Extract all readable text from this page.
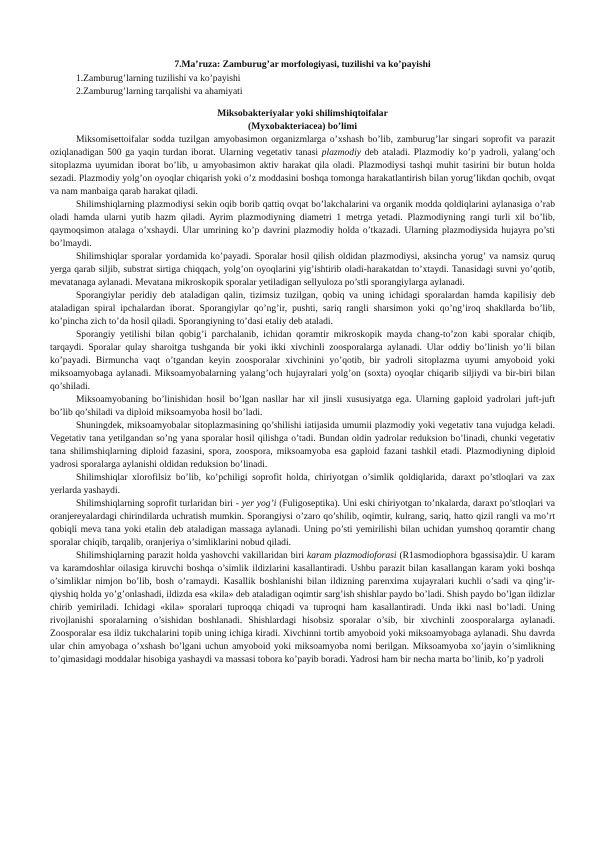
7.Ma’ruza: Zamburug’ar morfologiyasi, tuzilishi va ko’payishi
1.Zamburug’larning tuzilishi va ko’payishi
2.Zamburug’larning tarqalishi va ahamiyati
Miksobakteriyalar yoki shilimshiqtoifalar
(Myxobakteriacea) bo’limi

Miksomisettoifalar sodda tuzilgan amyobasimon organizmlarga o’xshash bo’lib, zamburug’lar singari soprofit va parazit oziqlanadigan 500 ga yaqin turdan iborat. Ularning vegetativ tanasi plazmodiy deb ataladi. Plazmodiy ko’p yadroli, yalang’och sitoplazma uyumidan iborat bo’lib, u amyobasimon aktiv harakat qila oladi. Plazmodiysi tashqi muhit tasirini bir butun holda sezadi. Plazmodiy yolg’on oyoqlar chiqarish yoki o’z moddasini boshqa tomonga harakatlantirish bilan yorug’likdan qochib, ovqat va nam manbaiga qarab harakat qiladi.

Shilimshiqlarning plazmodiysi sekin oqib borib qattiq ovqat bo’lakchalarini va organik modda qoldiqlarini aylanasiga o’rab oladi hamda ularni yutib hazm qiladi. Ayrim plazmodiyning diametri 1 metrga yetadi. Plazmodiyning rangi turli xil bo’lib, qaymoqsimon atalaga o’xshaydi. Ular umrining ko’p davrini plazmodiy holda o’tkazadi. Ularning plazmodiysida hujayra po’sti bo’lmaydi.

Shilimshiqlar sporalar yordamida ko’payadi. Sporalar hosil qilish oldidan plazmodiysi, aksincha yorug’ va namsiz quruq yerga qarab siljib, substrat sirtiga chiqqach, yolg’on oyoqlarini yig’ishtirib oladi-harakatdan to’xtaydi. Tanasidagi suvni yo’qotib, mevatanaga aylanadi. Mevatana mikroskopik sporalar yetiladigan sellyuloza po’stli sporangiylarga aylanadi.

Sporangiylar peridiy deb ataladigan qalin, tizimsiz tuzilgan, qobiq va uning ichidagi sporalardan hamda kapilisiy deb ataladigan spiral ipchalardan iborat. Sporangiylar qo’ng’ir, pushti, sariq rangli sharsimon yoki qo’ng’iroq shakllarda bo’lib, ko’pincha zich to’da hosil qiladi. Sporangiyning to’dasi etaliy deb ataladi.

Sporangiy yetilishi bilan qobig’i parchalanib, ichidan qoramtir mikroskopik mayda chang-to’zon kabi sporalar chiqib, tarqaydi. Sporalar qulay sharoitga tushganda bir yoki ikki xivchinli zoosporalarga aylanadi. Ular oddiy bo’linish yo’li bilan ko’payadi. Birmuncha vaqt o’tgandan keyin zoosporalar xivchinini yo’qotib, bir yadroli sitoplazma uyumi amyoboid yoki miksoamyobaga aylanadi. Miksoamyobalarning yalang’och hujayralari yolg’on (soxta) oyoqlar chiqarib siljiydi va bir-biri bilan qo’shiladi.

Miksoamyobaning bo’linishidan hosil bo’lgan nasllar har xil jinsli xususiyatga ega. Ularning gaploid yadrolari juft-juft bo’lib qo’shiladi va diploid miksoamyoba hosil bo’ladi.

Shuningdek, miksoamyobalar sitoplazmasining qo’shilishi iatijasida umumii plazmodiy yoki vegetativ tana vujudga keladi. Vegetativ tana yetilgandan so’ng yana sporalar hosil qilishga o’tadi. Bundan oldin yadrolar reduksion bo’linadi, chunki vegetativ tana shilimshiqlarning diploid fazasini, spora, zoospora, miksoamyoba esa gaploid fazani tashkil etadi. Plazmodiyning diploid yadrosi sporalarga aylanishi oldidan reduksion bo’linadi.

Shilimshiqlar xlorofilsiz bo’lib, ko’pchiligi soprofit holda, chiriyotgan o’simlik qoldiqlarida, daraxt po’stloqlari va zax yerlarda yashaydi.

Shilimshiqlarning soprofit turlaridan biri - yer yog’i (Fuligoseptika). Uni eski chiriyotgan to’nkalarda, daraxt po’stloqlari va oranjereyalardagi chirindilarda uchratish mumkin. Sporangiysi o’zaro qo’shilib, oqimtir, kulrang, sariq, hatto qizil rangli va mo’rt qobiqli meva tana yoki etalin deb ataladigan massaga aylanadi. Uning po’sti yemirilishi bilan uchidan yumshoq qoramtir chang sporalar chiqib, tarqalib, oranjeriya o’simliklarini nobud qiladi.

Shilimshiqlarning parazit holda yashovchi vakillaridan biri karam plazmodioforasi (R1asmodiophora bgassisa)dir. U karam va karamdoshlar oilasiga kiruvchi boshqa o’simlik ildizlarini kasallantiradi. Ushbu parazit bilan kasallangan karam yoki boshqa o’simliklar nimjon bo’lib, bosh o’ramaydi. Kasallik boshlanishi bilan ildizning parenxima xujayralari kuchli o’sadi va qing’ir-qiyshiq holda yo’g’onlashadi, ildizda esa «kila» deb ataladigan oqimtir sarg’ish shishlar paydo bo’ladi. Shish paydo bo’lgan ildizlar chirib yemiriladi. Ichidagi «kila» sporalari tuproqqa chiqadi va tuproqni ham kasallantiradi. Unda ikki nasl bo’ladi. Uning rivojlanishi sporalarning o’sishidan boshlanadi. Shishlardagi hisobsiz sporalar o’sib, bir xivchinli zoosporalarga aylanadi. Zoosporalar esa ildiz tukchalarini topib uning ichiga kiradi. Xivchinni tortib amyoboid yoki miksoamyobaga aylanadi. Shu davrda ular chin amyobaga o’xshash bo’lgani uchun amyoboid yoki miksoamyoba nomi berilgan. Miksoamyoba xo’jayin o’simlikning to’qimasidagi moddalar hisobiga yashaydi va massasi tobora ko’payib boradi. Yadrosi ham bir necha marta bo’linib, ko’p yadroli
